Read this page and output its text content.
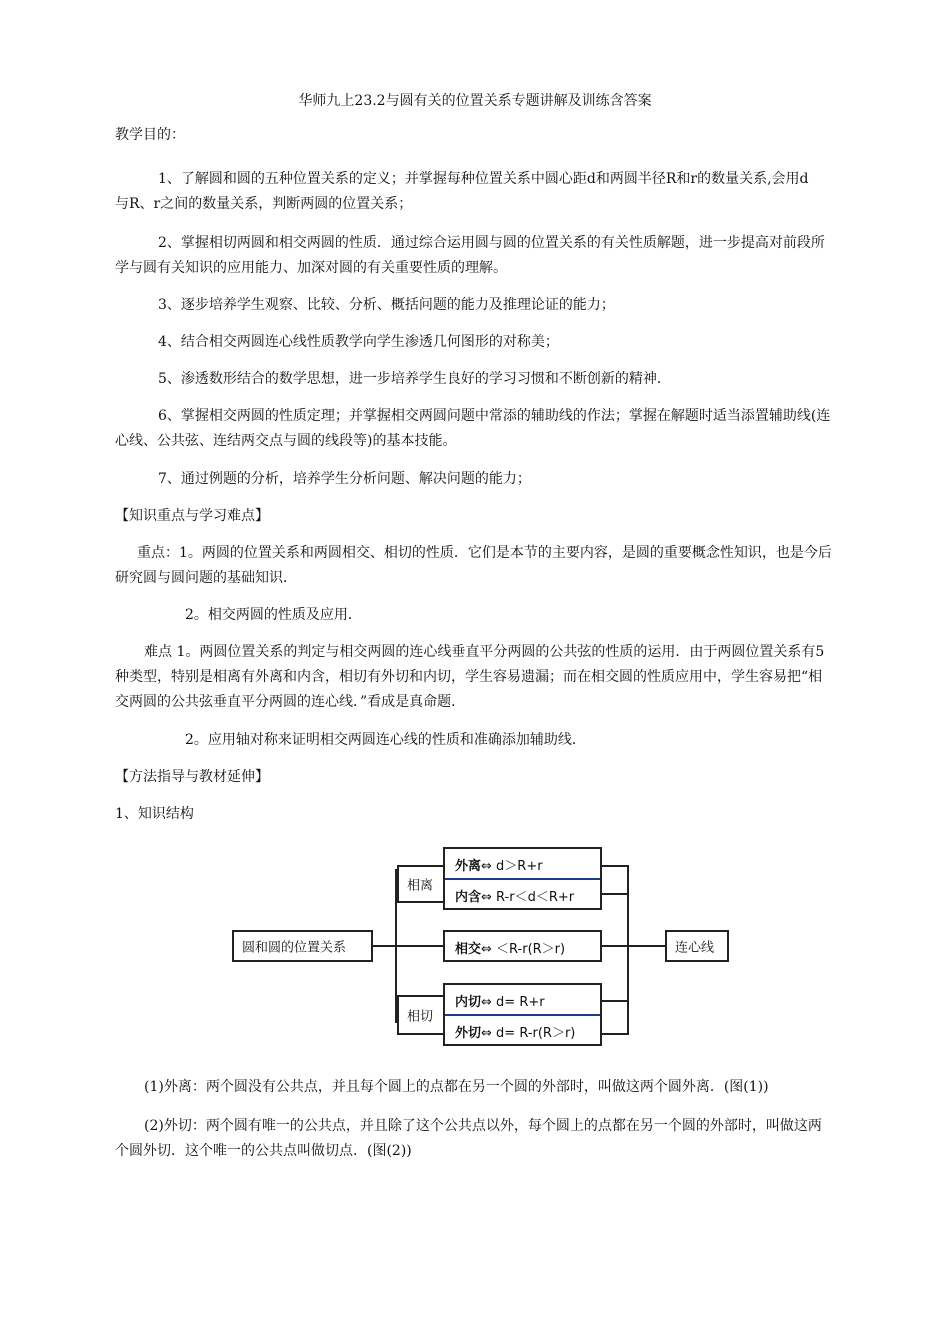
华师九上23.2与圆有关的位置关系专题讲解及训练含答案
教学目的：
1、了解圆和圆的五种位置关系的定义；并掌握每种位置关系中圆心距d和两圆半径R和r的数量关系,会用d
与R、r之间的数量关系，判断两圆的位置关系；
2、掌握相切两圆和相交两圆的性质．通过综合运用圆与圆的位置关系的有关性质解题，进一步提高对前段所
学与圆有关知识的应用能力、加深对圆的有关重要性质的理解。
3、逐步培养学生观察、比较、分析、概括问题的能力及推理论证的能力；
4、结合相交两圆连心线性质教学向学生渗透几何图形的对称美；
5、渗透数形结合的数学思想，进一步培养学生良好的学习习惯和不断创新的精神．
6、掌握相交两圆的性质定理；并掌握相交两圆问题中常添的辅助线的作法；掌握在解题时适当添置辅助线(连
心线、公共弦、连结两交点与圆的线段等)的基本技能。
7、通过例题的分析，培养学生分析问题、解决问题的能力；
【知识重点与学习难点】
重点：1。两圆的位置关系和两圆相交、相切的性质．它们是本节的主要内容，是圆的重要概念性知识，也是今后
研究圆与圆问题的基础知识．
2。相交两圆的性质及应用．
难点 1。两圆位置关系的判定与相交两圆的连心线垂直平分两圆的公共弦的性质的运用．由于两圆位置关系有5
种类型，特别是相离有外离和内含，相切有外切和内切，学生容易遗漏；而在相交圆的性质应用中，学生容易把“相
交两圆的公共弦垂直平分两圆的连心线．”看成是真命题．
2。应用轴对称来证明相交两圆连心线的性质和准确添加辅助线．
【方法指导与教材延伸】
1、知识结构
圆和圆的位置关系
相离
外离⇔ d＞R+r
内含⇔ R-r＜d＜R+r
相交⇔ ＜R-r(R＞r)
相切
内切⇔ d= R+r
外切⇔ d= R-r(R＞r)
连心线
(1)外离：两个圆没有公共点，并且每个圆上的点都在另一个圆的外部时，叫做这两个圆外离．(图(1))
(2)外切：两个圆有唯一的公共点，并且除了这个公共点以外，每个圆上的点都在另一个圆的外部时，叫做这两
个圆外切．这个唯一的公共点叫做切点．(图(2))
